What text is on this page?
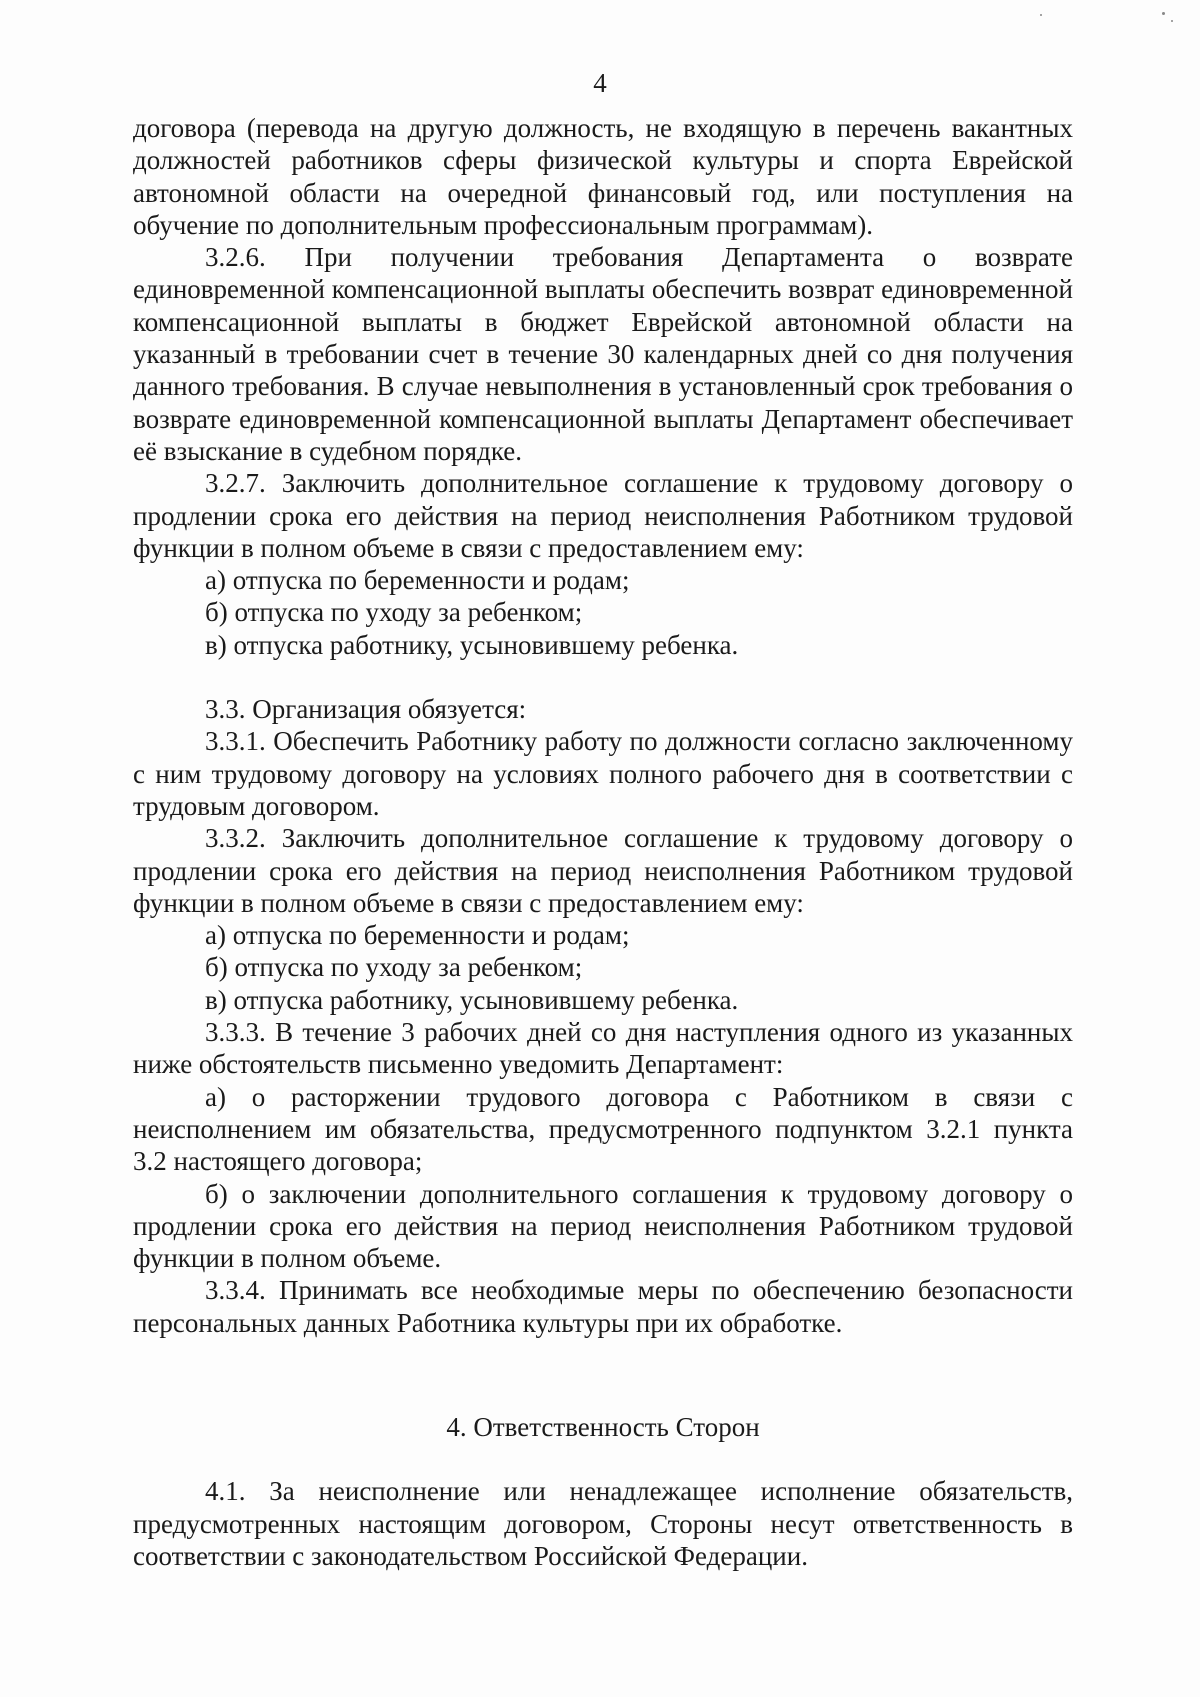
4

договора (перевода на другую должность, не входящую в перечень вакантных должностей работников сферы физической культуры и спорта Еврейской автономной области на очередной финансовый год, или поступления на обучение по дополнительным профессиональным программам).

3.2.6. При получении требования Департамента о возврате единовременной компенсационной выплаты обеспечить возврат единовременной компенсационной выплаты в бюджет Еврейской автономной области на указанный в требовании счет в течение 30 календарных дней со дня получения данного требования. В случае невыполнения в установленный срок требования о возврате единовременной компенсационной выплаты Департамент обеспечивает её взыскание в судебном порядке.

3.2.7. Заключить дополнительное соглашение к трудовому договору о продлении срока его действия на период неисполнения Работником трудовой функции в полном объеме в связи с предоставлением ему:

а) отпуска по беременности и родам;

б) отпуска по уходу за ребенком;

в) отпуска работнику, усыновившему ребенка.

3.3. Организация обязуется:

3.3.1. Обеспечить Работнику работу по должности согласно заключенному с ним трудовому договору на условиях полного рабочего дня в соответствии с трудовым договором.

3.3.2. Заключить дополнительное соглашение к трудовому договору о продлении срока его действия на период неисполнения Работником трудовой функции в полном объеме в связи с предоставлением ему:

а) отпуска по беременности и родам;

б) отпуска по уходу за ребенком;

в) отпуска работнику, усыновившему ребенка.

3.3.3. В течение 3 рабочих дней со дня наступления одного из указанных ниже обстоятельств письменно уведомить Департамент:

а) о расторжении трудового договора с Работником в связи с неисполнением им обязательства, предусмотренного подпунктом 3.2.1 пункта 3.2 настоящего договора;

б) о заключении дополнительного соглашения к трудовому договору о продлении срока его действия на период неисполнения Работником трудовой функции в полном объеме.

3.3.4. Принимать все необходимые меры по обеспечению безопасности персональных данных Работника культуры при их обработке.

4. Ответственность Сторон

4.1. За неисполнение или ненадлежащее исполнение обязательств, предусмотренных настоящим договором, Стороны несут ответственность в соответствии с законодательством Российской Федерации.
